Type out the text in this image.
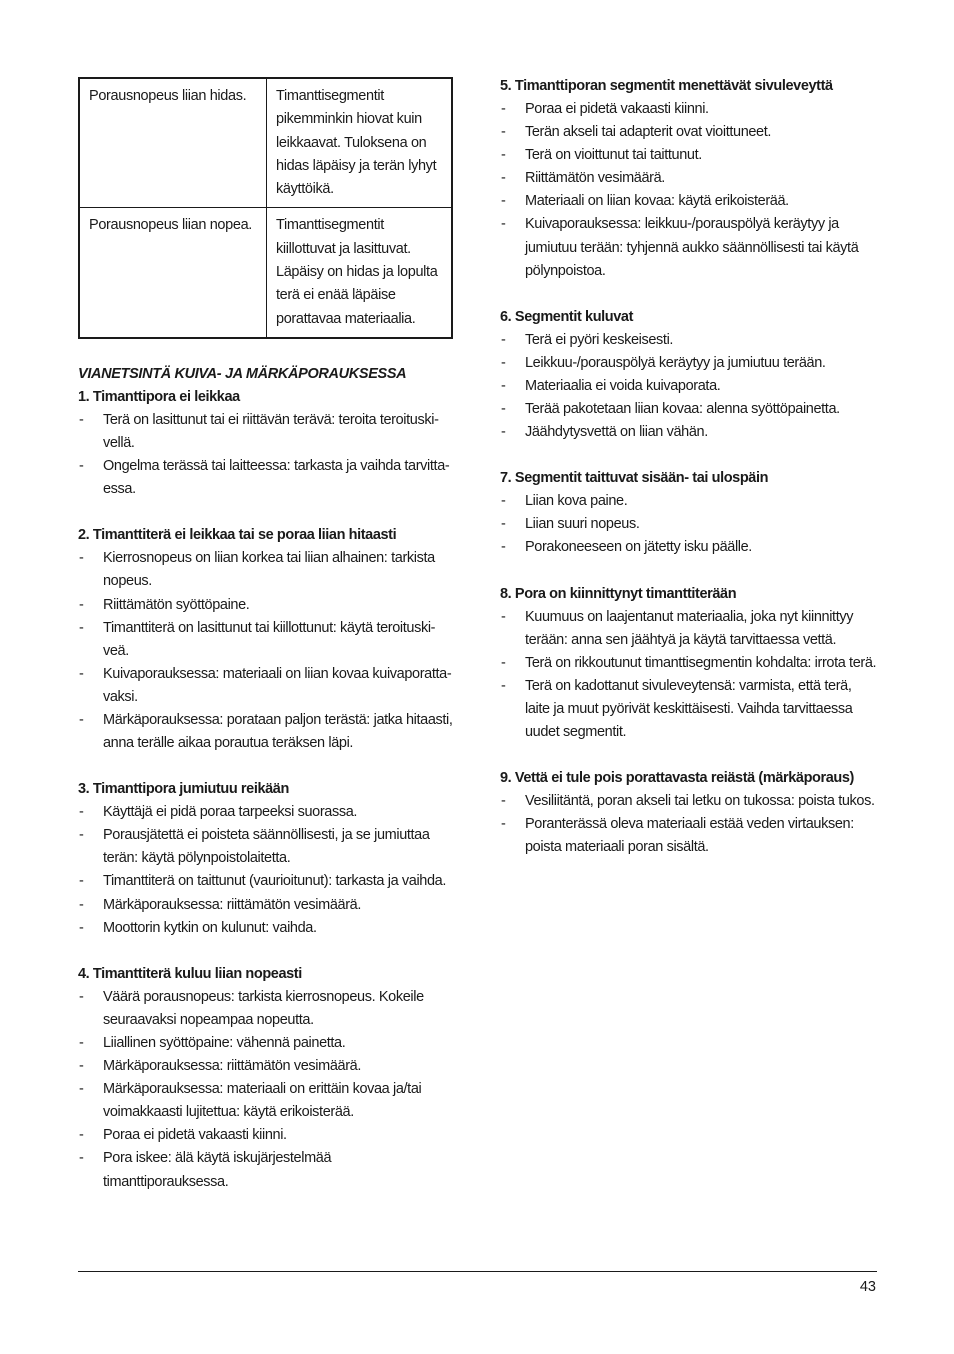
Porausnopeus liian hidas.	Timanttisegmentit pikemminkin hiovat kuin leikkaavat. Tuloksena on hidas läpäisy ja terän lyhyt käyttöikä.
Porausnopeus liian nopea.	Timanttisegmentit kiillottuvat ja lasittuvat. Läpäisy on hidas ja lopulta terä ei enää läpäise porattavaa materiaalia.

VIANETSINTÄ KUIVA- JA MÄRKÄPORAUKSESSA

1. Timanttipora ei leikkaa

- Terä on lasittunut tai ei riittävän terävä: teroita teroituskivellä.
- Ongelma terässä tai laitteessa: tarkasta ja vaihda tarvittaessa.

2. Timanttiterä ei leikkaa tai se poraa liian hitaasti

- Kierrosnopeus on liian korkea tai liian alhainen: tarkista nopeus.
- Riittämätön syöttöpaine.
- Timanttiterä on lasittunut tai kiillottunut: käytä teroituskiveä.
- Kuivaporauksessa: materiaali on liian kovaa kuivaporattavaksi.
- Märkäporauksessa: porataan paljon terästä: jatka hitaasti, anna terälle aikaa porautua teräksen läpi.

3. Timanttipora jumiutuu reikään

- Käyttäjä ei pidä poraa tarpeeksi suorassa.
- Porausjätettä ei poisteta säännöllisesti, ja se jumiuttaa terän: käytä pölynpoistolaitetta.
- Timanttiterä on taittunut (vaurioitunut): tarkasta ja vaihda.
- Märkäporauksessa: riittämätön vesimäärä.
- Moottorin kytkin on kulunut: vaihda.

4. Timanttiterä kuluu liian nopeasti

- Väärä porausnopeus: tarkista kierrosnopeus. Kokeile seuraavaksi nopeampaa nopeutta.
- Liiallinen syöttöpaine: vähennä painetta.
- Märkäporauksessa: riittämätön vesimäärä.
- Märkäporauksessa: materiaali on erittäin kovaa ja/tai voimakkaasti lujitettua: käytä erikoisterää.
- Poraa ei pidetä vakaasti kiinni.
- Pora iskee: älä käytä iskujärjestelmää timanttiporauksessa.

5. Timanttiporan segmentit menettävät sivuleveyttä

- Poraa ei pidetä vakaasti kiinni.
- Terän akseli tai adapterit ovat vioittuneet.
- Terä on vioittunut tai taittunut.
- Riittämätön vesimäärä.
- Materiaali on liian kovaa: käytä erikoisterää.
- Kuivaporauksessa: leikkuu-/porauspölyä keräytyy ja jumiutuu terään: tyhjennä aukko säännöllisesti tai käytä pölynpoistoa.

6. Segmentit kuluvat

- Terä ei pyöri keskeisesti.
- Leikkuu-/porauspölyä keräytyy ja jumiutuu terään.
- Materiaalia ei voida kuivaporata.
- Terää pakotetaan liian kovaa: alenna syöttöpainetta.
- Jäähdytysvettä on liian vähän.

7. Segmentit taittuvat sisään- tai ulospäin

- Liian kova paine.
- Liian suuri nopeus.
- Porakoneeseen on jätetty isku päälle.

8. Pora on kiinnittynyt timanttiterään

- Kuumuus on laajentanut materiaalia, joka nyt kiinnittyy terään: anna sen jäähtyä ja käytä tarvittaessa vettä.
- Terä on rikkoutunut timanttisegmentin kohdalta: irrota terä.
- Terä on kadottanut sivuleveytensä: varmista, että terä, laite ja muut pyörivät keskittäisesti. Vaihda tarvittaessa uudet segmentit.

9. Vettä ei tule pois porattavasta reiästä (märkäporaus)

- Vesiliitäntä, poran akseli tai letku on tukossa: poista tukos.
- Poranterässä oleva materiaali estää veden virtauksen: poista materiaali poran sisältä.
43
